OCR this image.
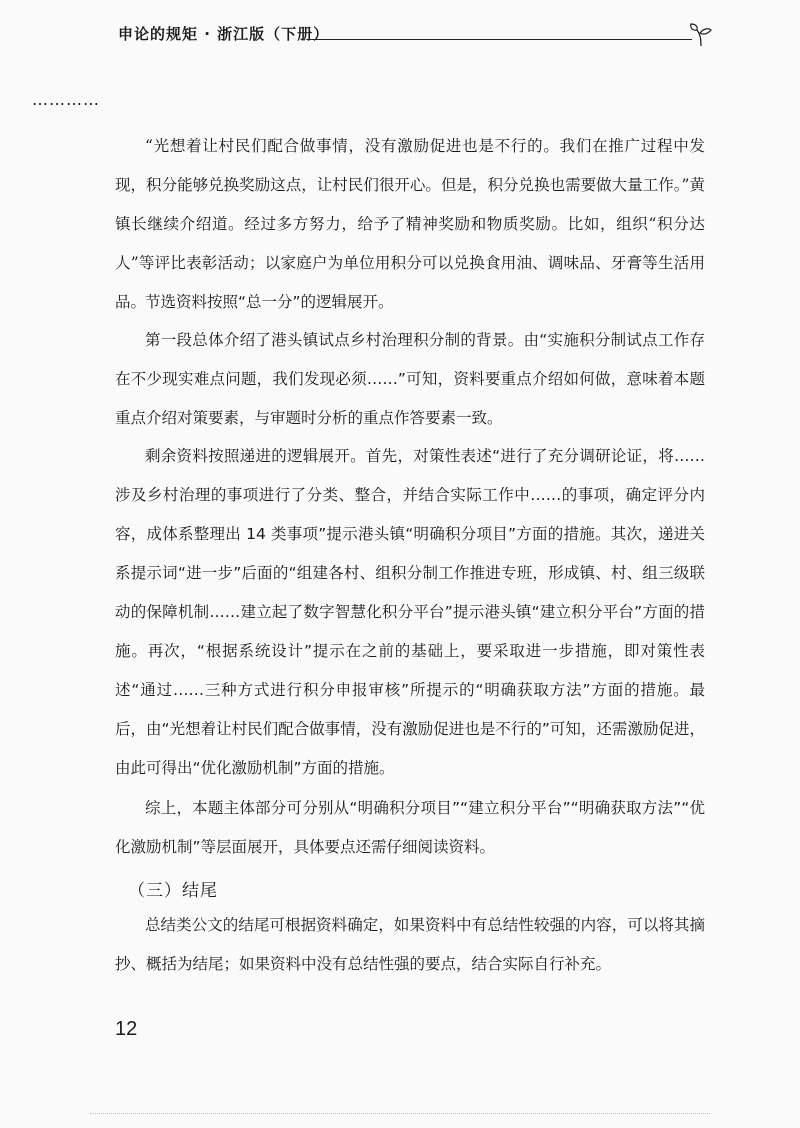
申论的规矩 · 浙江版（下册）
…………

“光想着让村民们配合做事情，没有激励促进也是不行的。我们在推广过程中发现，积分能够兑换奖励这点，让村民们很开心。但是，积分兑换也需要做大量工作。”黄镇长继续介绍道。经过多方努力，给予了精神奖励和物质奖励。比如，组织“积分达人”等评比表彰活动；以家庭户为单位用积分可以兑换食用油、调味品、牙膏等生活用品。

节选资料按照“总一分”的逻辑展开。

第一段总体介绍了港头镇试点乡村治理积分制的背景。由“实施积分制试点工作存在不少现实难点问题，我们发现必须……”可知，资料要重点介绍如何做，意味着本题重点介绍对策要素，与审题时分析的重点作答要素一致。

剩余资料按照递进的逻辑展开。首先，对策性表述“进行了充分调研论证，将……涉及乡村治理的事项进行了分类、整合，并结合实际工作中……的事项，确定评分内容，成体系整理出 14 类事项”提示港头镇“明确积分项目”方面的措施。其次，递进关系提示词“进一步”后面的“组建各村、组积分制工作推进专班，形成镇、村、组三级联动的保障机制……建立起了数字智慧化积分平台”提示港头镇“建立积分平台”方面的措施。再次，“根据系统设计”提示在之前的基础上，要采取进一步措施，即对策性表述“通过……三种方式进行积分申报审核”所提示的“明确获取方法”方面的措施。最后，由“光想着让村民们配合做事情，没有激励促进也是不行的”可知，还需激励促进，由此可得出“优化激励机制”方面的措施。

综上，本题主体部分可分别从“明确积分项目”“建立积分平台”“明确获取方法”“优化激励机制”等层面展开，具体要点还需仔细阅读资料。

（三）结尾

总结类公文的结尾可根据资料确定，如果资料中有总结性较强的内容，可以将其摘抄、概括为结尾；如果资料中没有总结性强的要点，结合实际自行补充。

12
